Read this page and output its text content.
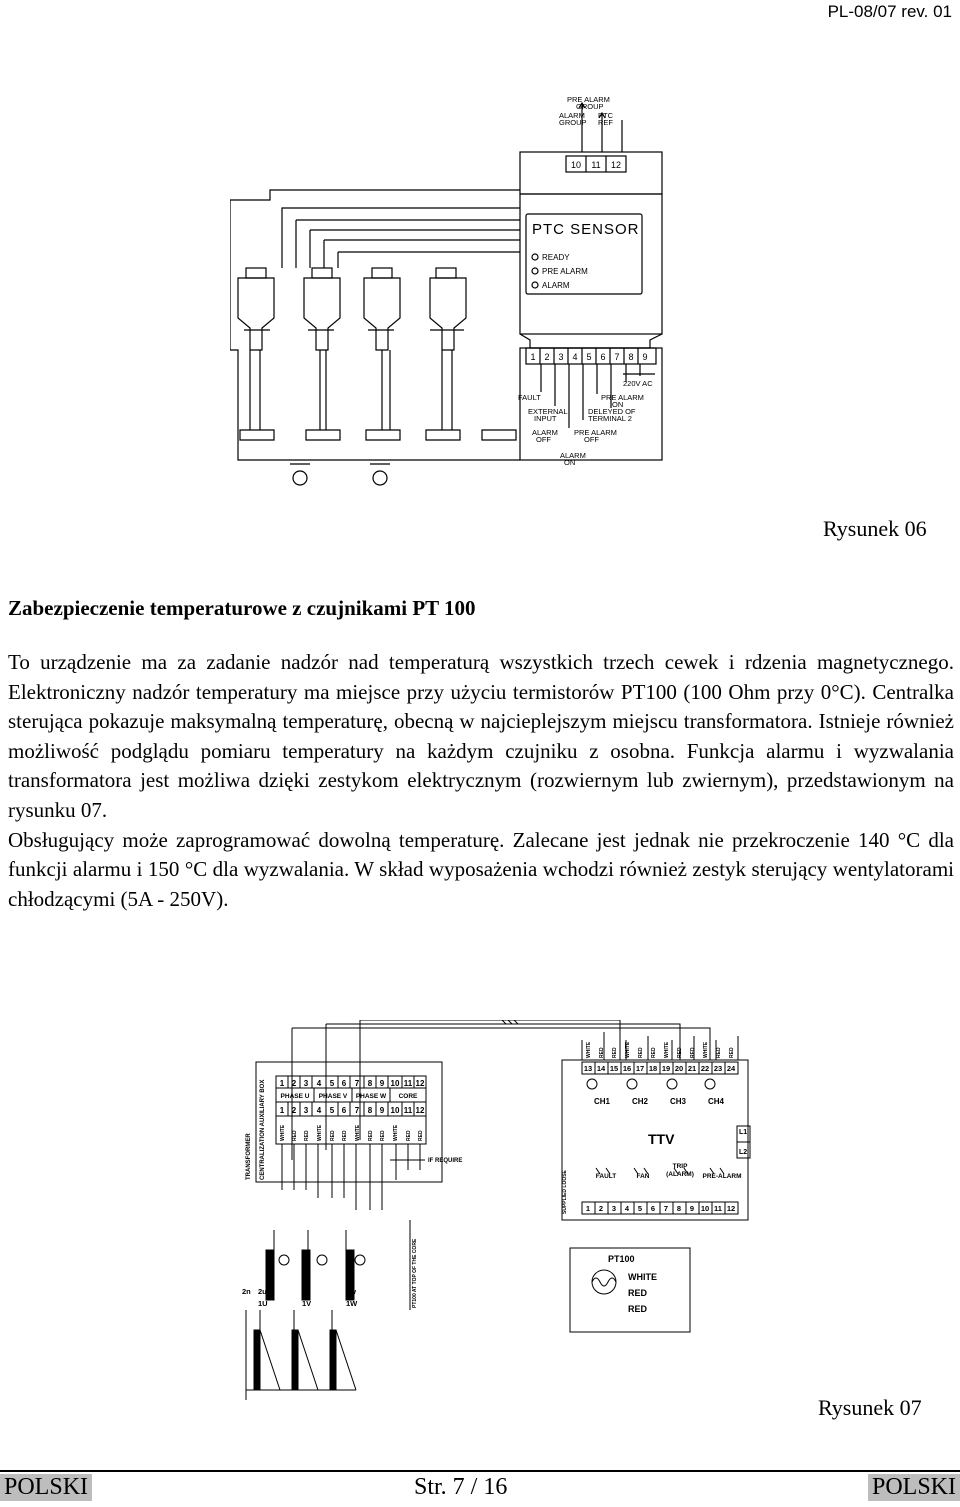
PL-08/07 rev. 01
PRE ALARM
GROUP
ALARM
GROUP
PTC
REF
10 11 12
PTC SENSOR
READY
PRE ALARM
ALARM
1 2 3 4 5 6 7 8 9
220V AC
FAULT	PRE ALARM
ON
EXTERNAL
INPUT
DELEYED OF
TERMINAL 2
ALARM
OFF
PRE ALARM
OFF
ALARM
ON
Rysunek 06
Zabezpieczenie temperaturowe z czujnikami PT 100

To urządzenie ma za zadanie nadzór nad temperaturą wszystkich trzech cewek i rdzenia magnetycznego. Elektroniczny nadzór temperatury ma miejsce przy użyciu termistorów PT100 (100 Ohm przy 0°C). Centralka sterująca pokazuje maksymalną temperaturę, obecną w najcieplejszym miejscu transformatora. Istnieje również możliwość podglądu pomiaru temperatury na każdym czujniku z osobna. Funkcja alarmu i wyzwalania transformatora jest możliwa dzięki zestykom elektrycznym (rozwiernym lub zwiernym), przedstawionym na rysunku 07.

Obsługujący może zaprogramować dowolną temperaturę. Zalecane jest jednak nie przekroczenie 140 °C dla funkcji alarmu i 150 °C dla wyzwalania. W skład wyposażenia wchodzi również zestyk sterujący wentylatorami chłodzącymi (5A - 250V).

TRANSFORMER CENTRALIZATION AUXILIARY BOX 1 2 3 4 5 6 7 8 9 10 11 12
PHASE U PHASE V PHASE W CORE
1 2 3 4 5 6 7 8 9 10 11 12
WHITE RED RED WHITE RED RED WHITE RED RED WHITE RED RED
IF REQUIRE
WHITE RED RED WHITE RED RED WHITE RED RED WHITE RED RED
13 14 15 16 17 18 19 20 21 22 23 24
CH1	CH2	CH3	CH4
TTV	L1
L2
FAULT	FAN
TRIP
(ALARM) PRE-ALARM
SUPPLIED LOOSE 1 2 3 4 5 6 7 8 9 10 11 12
2n 2u	2v	2w
1U	1V	1W	PT100 AT TOP OF THE CORE	PT100
WHITE
RED
RED
Rysunek 07
POLSKI	Str. 7 / 16	POLSKI
